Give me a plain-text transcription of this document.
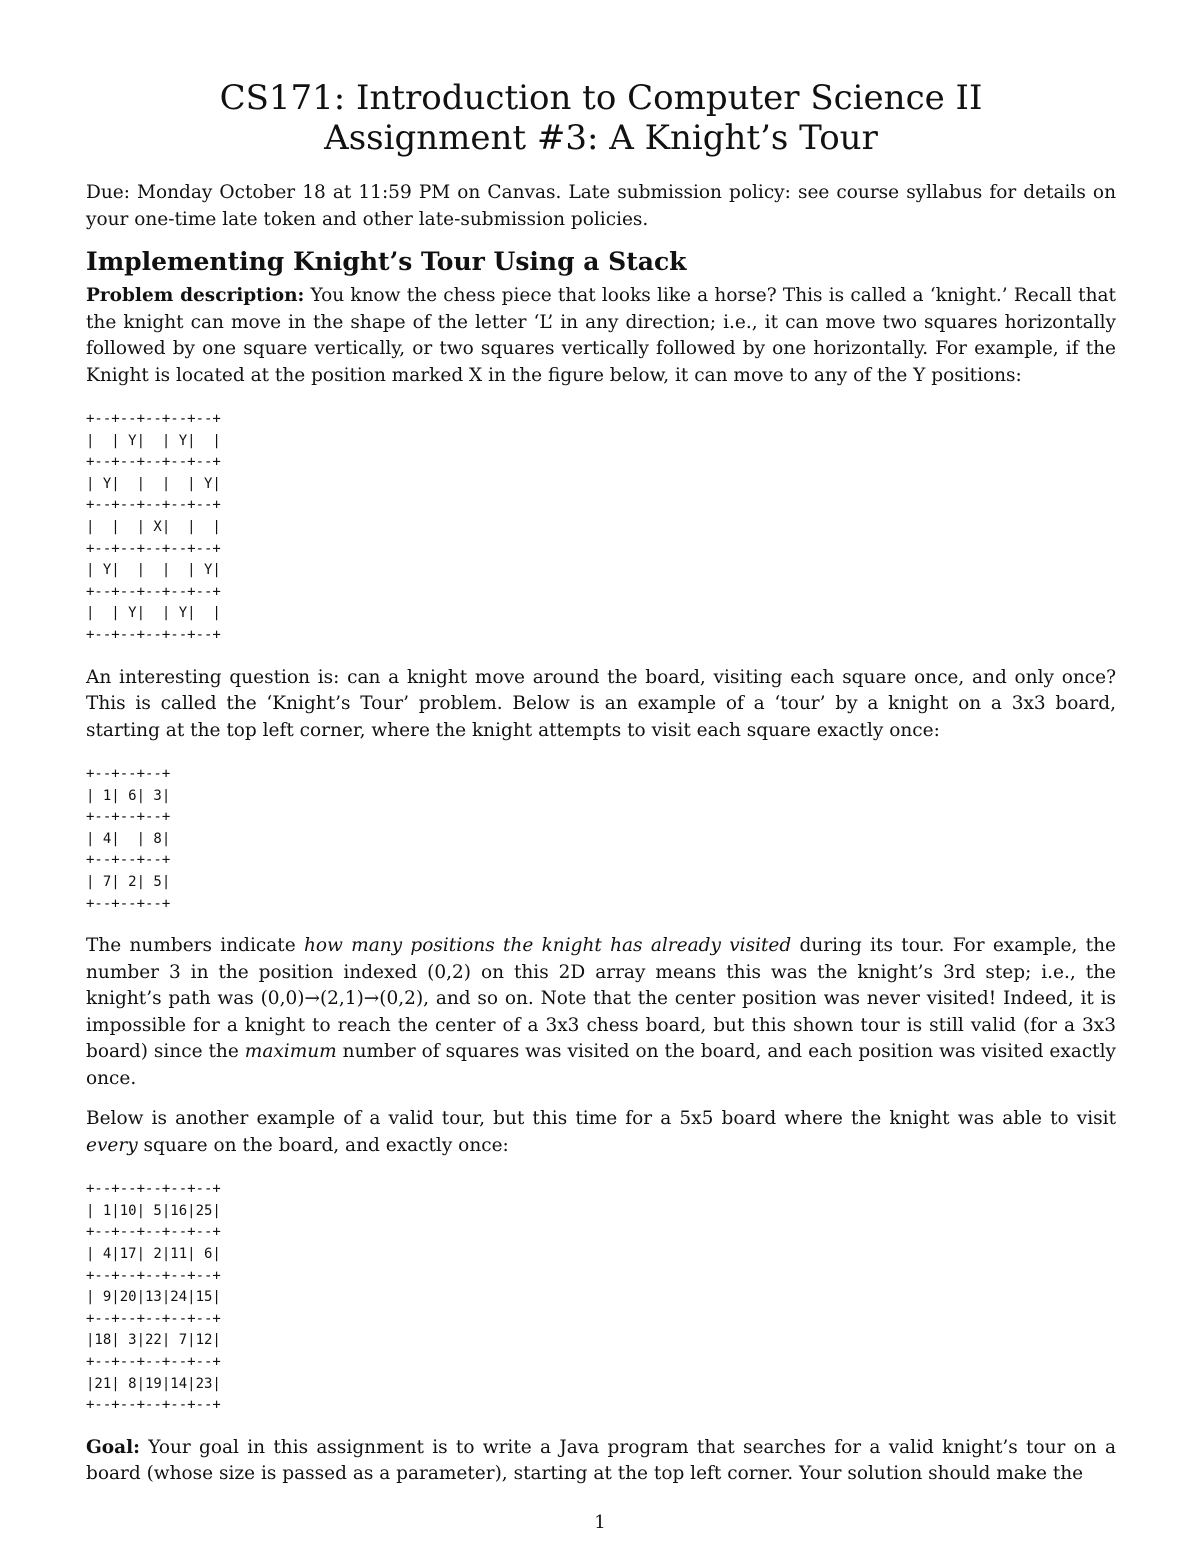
CS171: Introduction to Computer Science II
Assignment #3: A Knight’s Tour

Due: Monday October 18 at 11:59 PM on Canvas. Late submission policy: see course syllabus for details on your one-time late token and other late-submission policies.

Implementing Knight’s Tour Using a Stack

Problem description: You know the chess piece that looks like a horse? This is called a ‘knight.’ Recall that the knight can move in the shape of the letter ‘L’ in any direction; i.e., it can move two squares horizontally followed by one square vertically, or two squares vertically followed by one horizontally. For example, if the Knight is located at the position marked X in the figure below, it can move to any of the Y positions:

+--+--+--+--+--+
|  | Y|  | Y|  |
+--+--+--+--+--+
| Y|  |  |  | Y|
+--+--+--+--+--+
|  |  | X|  |  |
+--+--+--+--+--+
| Y|  |  |  | Y|
+--+--+--+--+--+
|  | Y|  | Y|  |
+--+--+--+--+--+

An interesting question is: can a knight move around the board, visiting each square once, and only once? This is called the ‘Knight’s Tour’ problem. Below is an example of a ‘tour’ by a knight on a 3x3 board, starting at the top left corner, where the knight attempts to visit each square exactly once:

+--+--+--+
| 1| 6| 3|
+--+--+--+
| 4|  | 8|
+--+--+--+
| 7| 2| 5|
+--+--+--+

The numbers indicate how many positions the knight has already visited during its tour. For example, the number 3 in the position indexed (0,2) on this 2D array means this was the knight’s 3rd step; i.e., the knight’s path was (0,0)→(2,1)→(0,2), and so on. Note that the center position was never visited! Indeed, it is impossible for a knight to reach the center of a 3x3 chess board, but this shown tour is still valid (for a 3x3 board) since the maximum number of squares was visited on the board, and each position was visited exactly once.

Below is another example of a valid tour, but this time for a 5x5 board where the knight was able to visit every square on the board, and exactly once:

+--+--+--+--+--+
| 1|10| 5|16|25|
+--+--+--+--+--+
| 4|17| 2|11| 6|
+--+--+--+--+--+
| 9|20|13|24|15|
+--+--+--+--+--+
|18| 3|22| 7|12|
+--+--+--+--+--+
|21| 8|19|14|23|
+--+--+--+--+--+

Goal: Your goal in this assignment is to write a Java program that searches for a valid knight’s tour on a board (whose size is passed as a parameter), starting at the top left corner. Your solution should make the

1
